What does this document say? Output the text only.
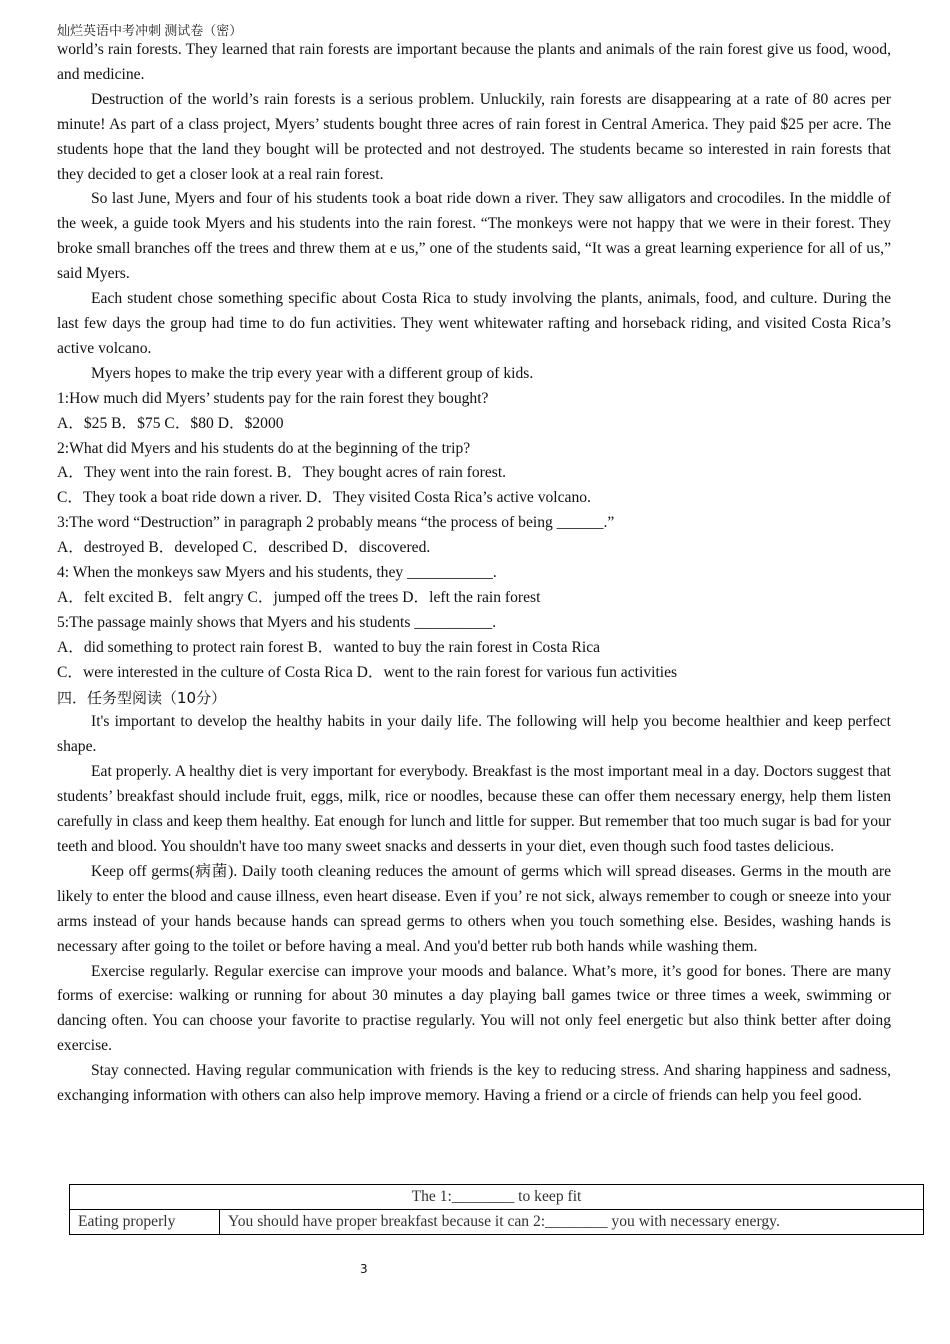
灿烂英语中考冲刺 测试卷（密）

world’s rain forests. They learned that rain forests are important because the plants and animals of the rain forest give us food, wood, and medicine.

Destruction of the world’s rain forests is a serious problem. Unluckily, rain forests are disappearing at a rate of 80 acres per minute! As part of a class project, Myers’ students bought three acres of rain forest in Central America. They paid $25 per acre. The students hope that the land they bought will be protected and not destroyed. The students became so interested in rain forests that they decided to get a closer look at a real rain forest.

So last June, Myers and four of his students took a boat ride down a river. They saw alligators and crocodiles. In the middle of the week, a guide took Myers and his students into the rain forest. “The monkeys were not happy that we were in their forest. They broke small branches off the trees and threw them at e us,” one of the students said, “It was a great learning experience for all of us,” said Myers.

Each student chose something specific about Costa Rica to study involving the plants, animals, food, and culture. During the last few days the group had time to do fun activities. They went whitewater rafting and horseback riding, and visited Costa Rica’s active volcano.

Myers hopes to make the trip every year with a different group of kids.

1:How much did Myers’ students pay for the rain forest they bought?
A．$25 B．$75 C．$80 D．$2000
2:What did Myers and his students do at the beginning of the trip?
A．They went into the rain forest. B．They bought acres of rain forest.
C．They took a boat ride down a river. D．They visited Costa Rica’s active volcano.
3:The word “Destruction” in paragraph 2 probably means “the process of being ______.”
A．destroyed B．developed C．described D．discovered.
4: When the monkeys saw Myers and his students, they ___________.
A．felt excited B．felt angry C．jumped off the trees D．left the rain forest
5:The passage mainly shows that Myers and his students __________.
A．did something to protect rain forest B．wanted to buy the rain forest in Costa Rica
C．were interested in the culture of Costa Rica D．went to the rain forest for various fun activities
四．任务型阅读（10分）

It's important to develop the healthy habits in your daily life. The following will help you become healthier and keep perfect shape.

Eat properly. A healthy diet is very important for everybody. Breakfast is the most important meal in a day. Doctors suggest that students’ breakfast should include fruit, eggs, milk, rice or noodles, because these can offer them necessary energy, help them listen carefully in class and keep them healthy. Eat enough for lunch and little for supper. But remember that too much sugar is bad for your teeth and blood. You shouldn't have too many sweet snacks and desserts in your diet, even though such food tastes delicious.

Keep off germs(病菌). Daily tooth cleaning reduces the amount of germs which will spread diseases. Germs in the mouth are likely to enter the blood and cause illness, even heart disease. Even if you’ re not sick, always remember to cough or sneeze into your arms instead of your hands because hands can spread germs to others when you touch something else. Besides, washing hands is necessary after going to the toilet or before having a meal. And you'd better rub both hands while washing them.

Exercise regularly. Regular exercise can improve your moods and balance. What’s more, it’s good for bones. There are many forms of exercise: walking or running for about 30 minutes a day playing ball games twice or three times a week, swimming or dancing often. You can choose your favorite to practise regularly. You will not only feel energetic but also think better after doing exercise.

Stay connected. Having regular communication with friends is the key to reducing stress. And sharing happiness and sadness, exchanging information with others can also help improve memory. Having a friend or a circle of friends can help you feel good.

The 1:________ to keep fit
Eating properly	You should have proper breakfast because it can 2:________ you with necessary energy.
3
